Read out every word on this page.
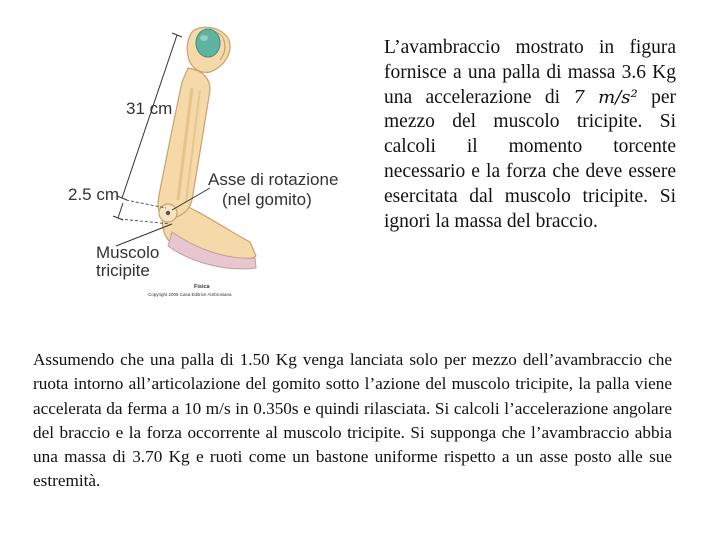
31 cm
2.5 cm
Asse di rotazione
(nel gomito)
Muscolo
tricipite
Fisica
Copyright 2006 Casa Editrice Ambrosiana

L’avambraccio mostrato in figura fornisce a una palla di massa 3.6 Kg una accelerazione di 7 m/s² per mezzo del muscolo tricipite. Si calcoli il momento torcente necessario e la forza che deve essere esercitata dal muscolo tricipite. Si ignori la massa del braccio.

Assumendo che una palla di 1.50 Kg venga lanciata solo per mezzo dell’avambraccio che ruota intorno all’articolazione del gomito sotto l’azione del muscolo tricipite, la palla viene accelerata da ferma a 10 m/s in 0.350s e quindi rilasciata. Si calcoli l’accelerazione angolare del braccio e la forza occorrente al muscolo tricipite. Si supponga che l’avambraccio abbia una massa di 3.70 Kg e ruoti come un bastone uniforme rispetto a un asse posto alle sue estremità.
